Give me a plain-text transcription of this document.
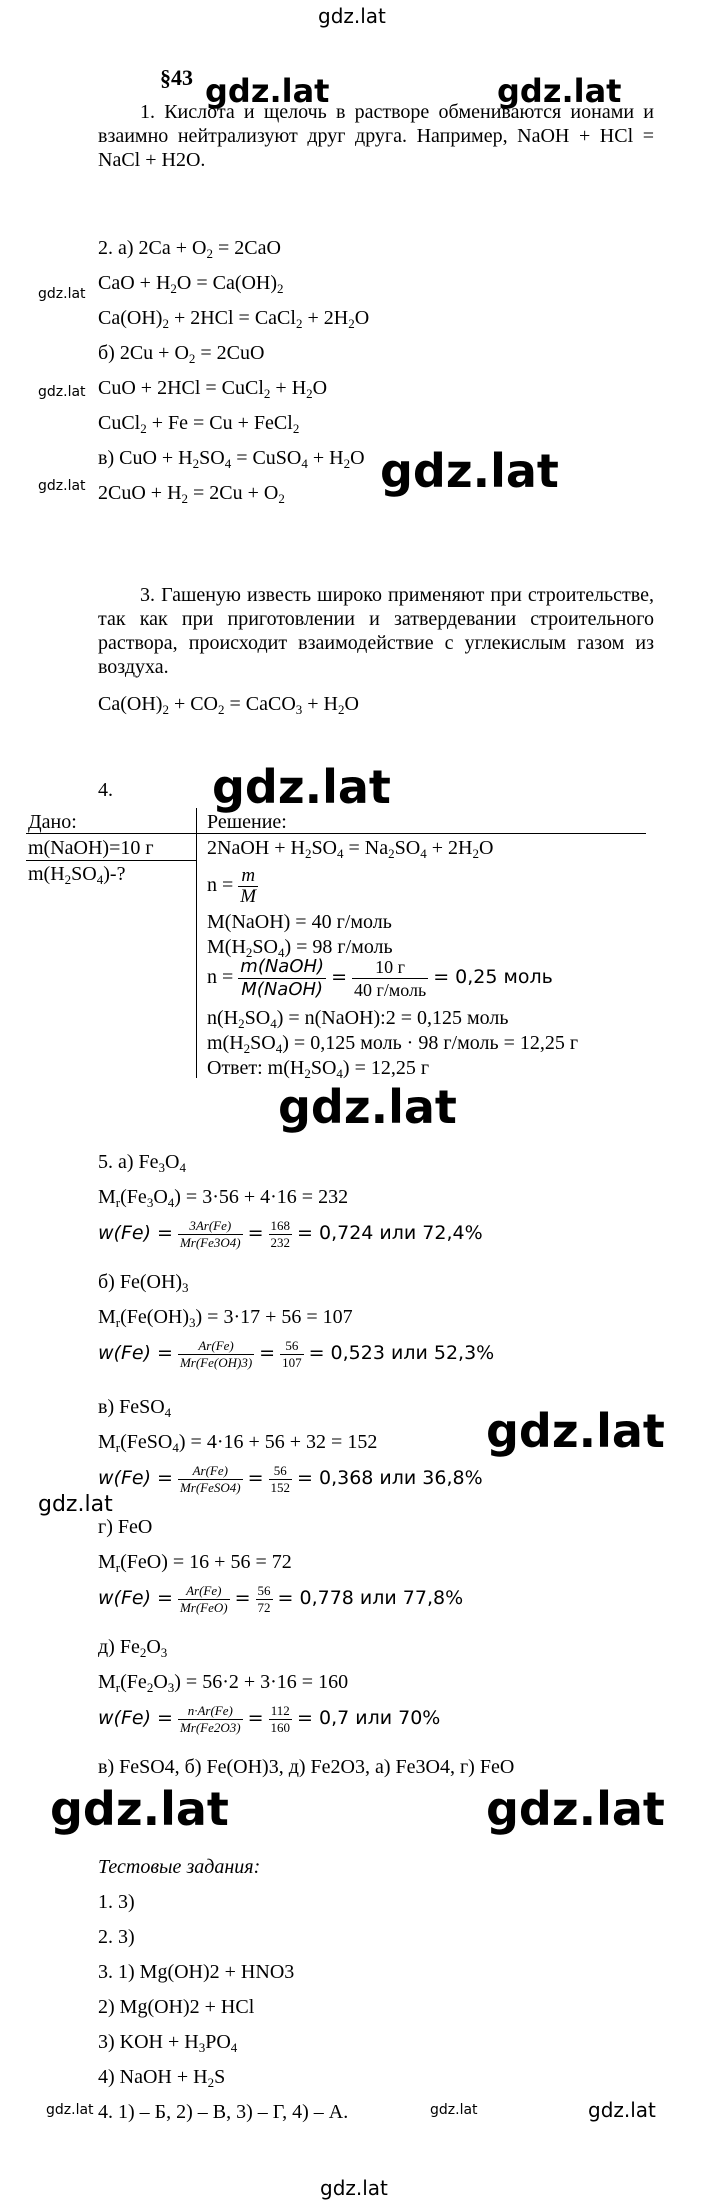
gdz.lat
§43 gdz.lat	gdz.lat
1. Кислота и щелочь в растворе обмениваются ионами и взаимно нейтрализуют друг друга. Например, NaOH + HCl = NaCl + H2O.
2. а) $2Ca + O_2 = 2CaO$
CaO + $H_2O = Ca(OH)_2$
$Ca(OH)_2 + 2HCl$ = CaCl$_2$ + $2H_2O$
б) $2Cu + O_2 = 2CuO$
CuO + 2HCl = CuCl$_2$ + $H_2O$
CuCl$_2$ + Fe = Cu + FeCl$_2$
в) CuO + $H_2SO_4$ = CuSO$_4$ + $H_2O$
$2CuO + H_2 = 2Cu + O_2$
gdz.lat
gdz.lat
gdz.lat	gdz.lat
3. Гашеную известь широко применяют при строительстве, так как при приготовлении и затвердевании строительного раствора, происходит взаимодействие с углекислым газом из воздуха.
$Ca(OH)_2 + CO_2$ = CaCO$_3$ + $H_2O$
4. gdz.lat
Дано:	Решение:
m(NaOH)=10 г
$m(H_2SO_4)-$?
2NaOH + $H_2SO_4 = Na_2SO_4 + 2H_2O$
$n = \frac{m}{M}$
M(NaOH) = 40 г/моль
$M(H_2SO_4) = 98$ г/моль
$n = \frac{\text{m(NaOH)}}{\text{M(NaOH)}} = \frac{10 г}{\text{40 г/моль}} = 0,25$ моль
$n(H_2SO_4)$ = n(NaOH):2 = 0,125 моль
$m(H_2SO_4) = 0,125$ моль · 98 г/моль = 12,25 г
Ответ: $m(H_2SO_4) = 12,25$ г
gdz.lat
5. а) $Fe_3O_4$
$M_r(Fe_3O_4) = 3\cdot 56 + 4\cdot 16 = 232$
$w(Fe) = \frac{3Ar(Fe)}{Mr(Fe3O4)} = \frac{168}{232} = 0,724$ или 72,4%
б) $Fe(OH)_3$
$M_r(Fe(OH)_3) = 3\cdot 17 + 56 = 107$
$w(Fe) = \frac{Ar(Fe)}{Mr(Fe(OH)3)} = \frac{56}{107} = 0,523$ или 52,3%
в) FeSO$_4$
$M_r(FeSO_4) = 4\cdot 16 + 56 + 32 = 152$
$w(Fe) = \frac{Ar(Fe)}{\text{Mr(FeSO4)}} = \frac{56}{152} = 0,368$ или 36,8%
gdz.lat
gdz.lat
г) FeO
$M_r(FeO) = 16 + 56 = 72$
$w(Fe) = \frac{Ar(Fe)}{\text{Mr(FeO)}} = \frac{56}{72} = 0,778$ или 77,8%
д) $Fe_2O_3$
$M_r(Fe_2O_3) = 56\cdot 2 + 3\cdot 16 = 160$
$w(Fe) = \frac{n\cdot Ar(Fe)}{Mr(Fe2O3)} = \frac{112}{160} = 0,7$ или 70%
в) FeSO4, б) Fe(OH)3, д) Fe2O3, а) Fe3O4, г) FeO
gdz.lat	gdz.lat
Тестовые задания:
1. 3)
2. 3)
3. 1) Mg(OH)2 + HNO3
2) Mg(OH)2 + HCl
3) KOH + $H_3PO_4$
4) NaOH + $H_2S$
4. 1) – Б, 2) – В, 3) – Г, 4) – А.
gdz.lat	gdz.lat	gdz.lat
gdz.lat
